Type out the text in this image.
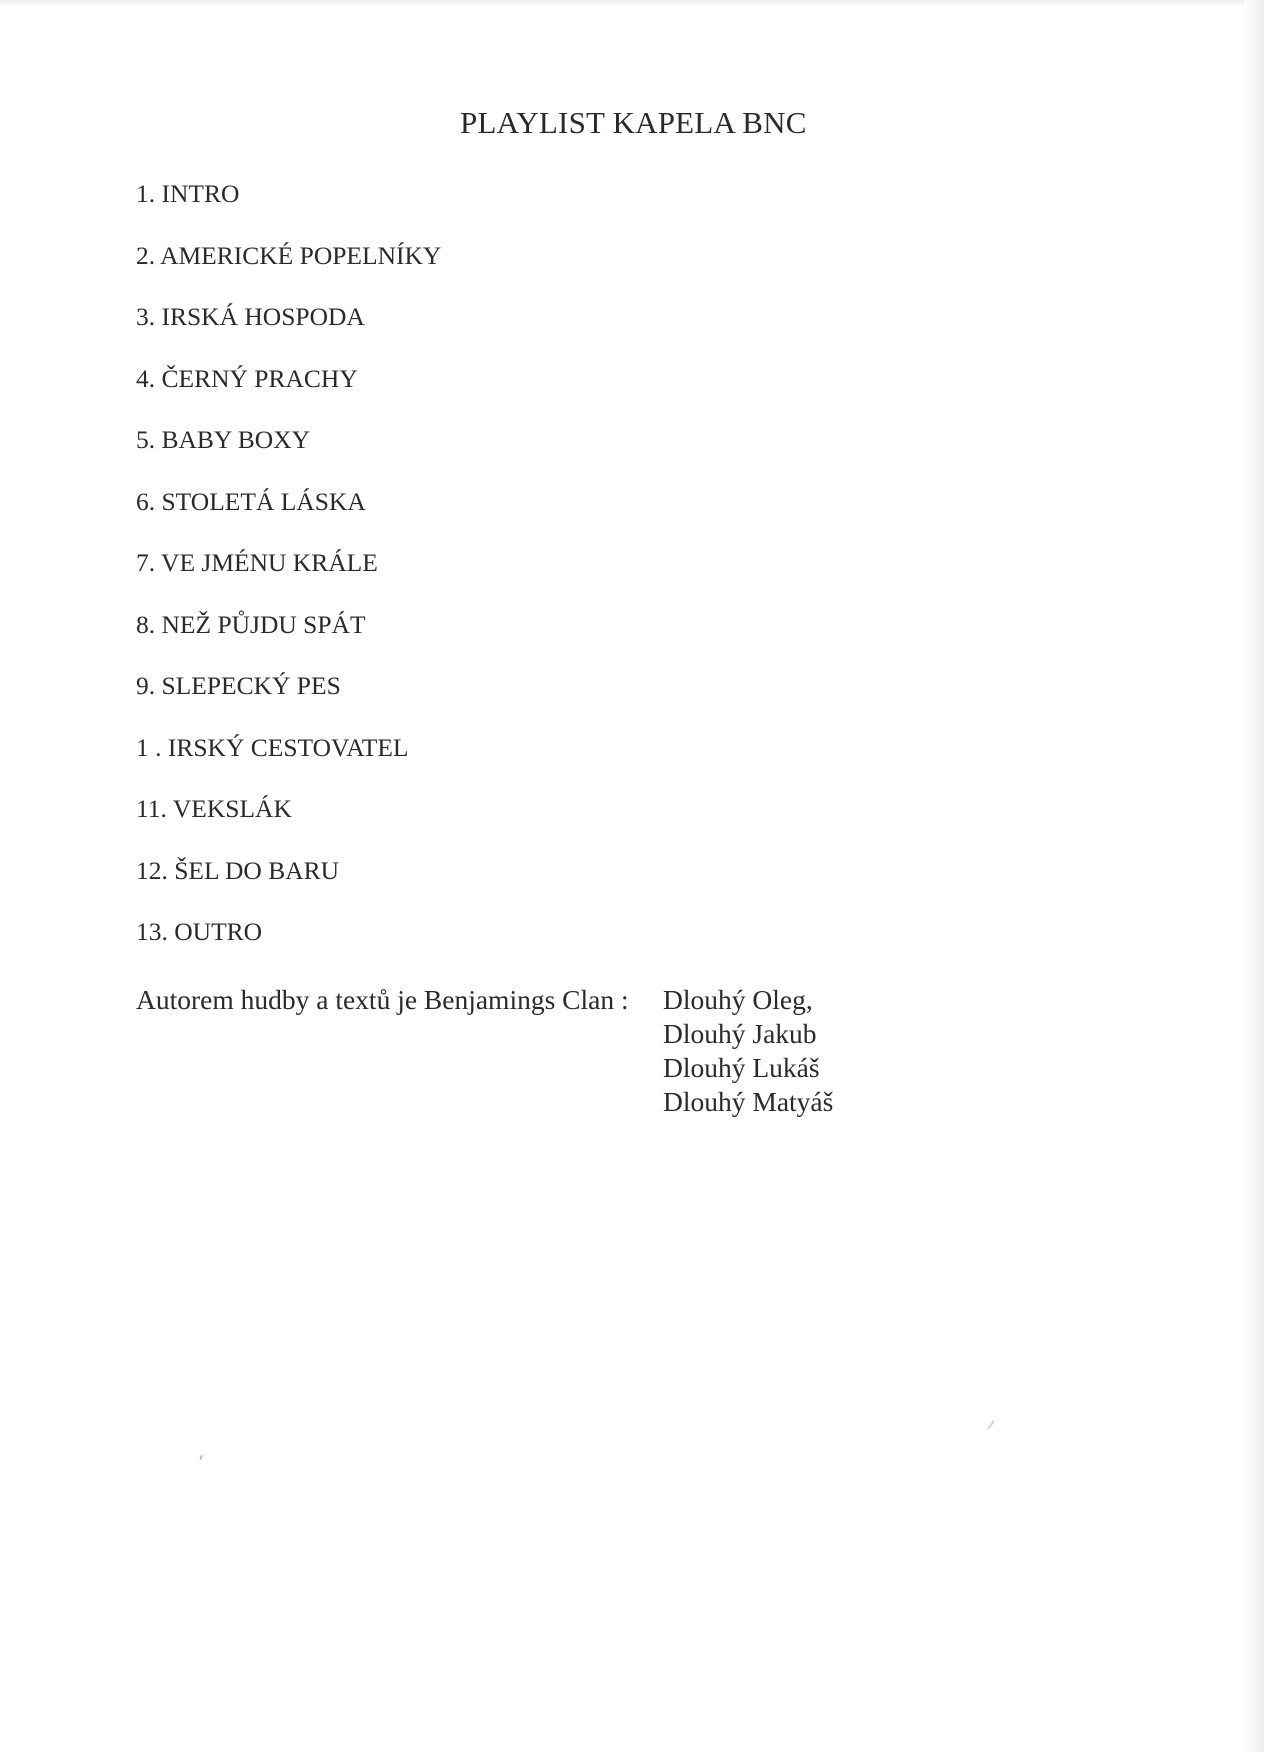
PLAYLIST KAPELA BNC
1. INTRO
2. AMERICKÉ POPELNÍKY
3. IRSKÁ HOSPODA
4. ČERNÝ PRACHY
5. BABY BOXY
6. STOLETÁ LÁSKA
7. VE JMÉNU KRÁLE
8. NEŽ PŮJDU SPÁT
9. SLEPECKÝ PES
1 . IRSKÝ CESTOVATEL
11. VEKSLÁK
12. ŠEL DO BARU
13. OUTRO
Autorem hudby a textů je Benjamings Clan : Dlouhý Oleg,
Dlouhý Jakub
Dlouhý Lukáš
Dlouhý Matyáš
